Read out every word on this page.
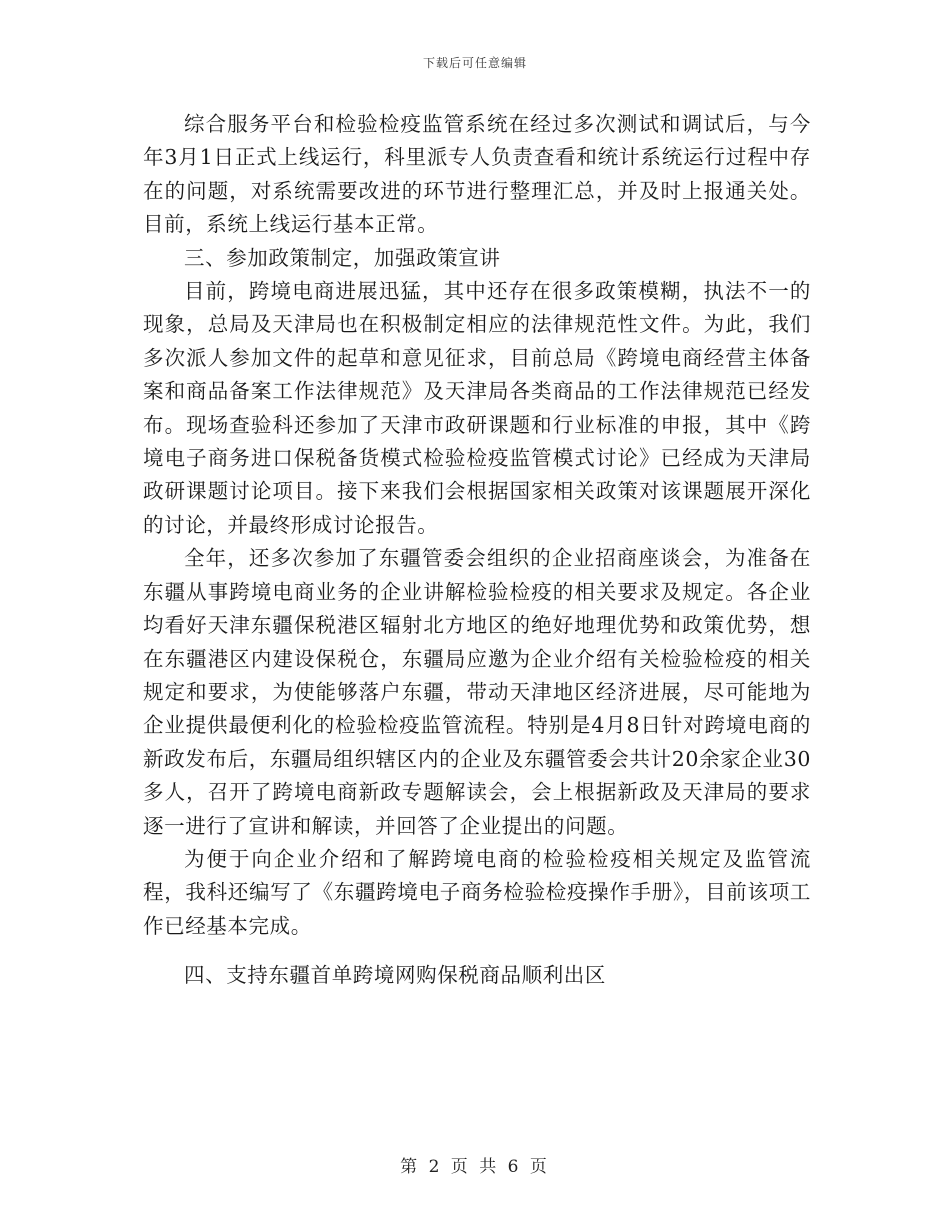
下载后可任意编辑

综合服务平台和检验检疫监管系统在经过多次测试和调试后，与今年3月1日正式上线运行，科里派专人负责查看和统计系统运行过程中存在的问题，对系统需要改进的环节进行整理汇总，并及时上报通关处。目前，系统上线运行基本正常。

三、参加政策制定，加强政策宣讲

目前，跨境电商进展迅猛，其中还存在很多政策模糊，执法不一的现象，总局及天津局也在积极制定相应的法律规范性文件。为此，我们多次派人参加文件的起草和意见征求，目前总局《跨境电商经营主体备案和商品备案工作法律规范》及天津局各类商品的工作法律规范已经发布。现场查验科还参加了天津市政研课题和行业标准的申报，其中《跨境电子商务进口保税备货模式检验检疫监管模式讨论》已经成为天津局政研课题讨论项目。接下来我们会根据国家相关政策对该课题展开深化的讨论，并最终形成讨论报告。

全年，还多次参加了东疆管委会组织的企业招商座谈会，为准备在东疆从事跨境电商业务的企业讲解检验检疫的相关要求及规定。各企业均看好天津东疆保税港区辐射北方地区的绝好地理优势和政策优势，想在东疆港区内建设保税仓，东疆局应邀为企业介绍有关检验检疫的相关规定和要求，为使能够落户东疆，带动天津地区经济进展，尽可能地为企业提供最便利化的检验检疫监管流程。特别是4月8日针对跨境电商的新政发布后，东疆局组织辖区内的企业及东疆管委会共计20余家企业30多人，召开了跨境电商新政专题解读会，会上根据新政及天津局的要求逐一进行了宣讲和解读，并回答了企业提出的问题。

为便于向企业介绍和了解跨境电商的检验检疫相关规定及监管流程，我科还编写了《东疆跨境电子商务检验检疫操作手册》，目前该项工作已经基本完成。

四、支持东疆首单跨境网购保税商品顺利出区

第 2 页 共 6 页
